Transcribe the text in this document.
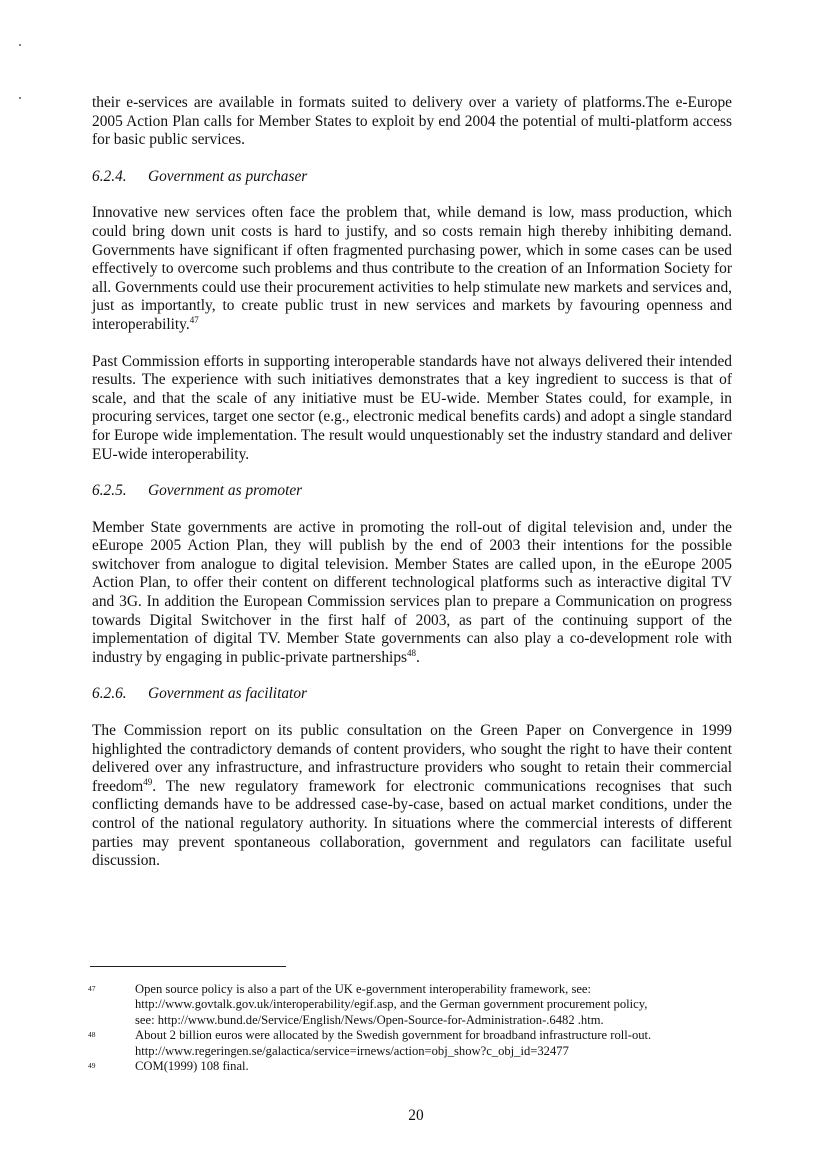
their e-services are available in formats suited to delivery over a variety of platforms.The e-Europe 2005 Action Plan calls for Member States to exploit by end 2004 the potential of multi-platform access for basic public services.

6.2.4. Government as purchaser

Innovative new services often face the problem that, while demand is low, mass production, which could bring down unit costs is hard to justify, and so costs remain high thereby inhibiting demand. Governments have significant if often fragmented purchasing power, which in some cases can be used effectively to overcome such problems and thus contribute to the creation of an Information Society for all. Governments could use their procurement activities to help stimulate new markets and services and, just as importantly, to create public trust in new services and markets by favouring openness and interoperability.$^{47}$

Past Commission efforts in supporting interoperable standards have not always delivered their intended results. The experience with such initiatives demonstrates that a key ingredient to success is that of scale, and that the scale of any initiative must be EU-wide. Member States could, for example, in procuring services, target one sector (e.g., electronic medical benefits cards) and adopt a single standard for Europe wide implementation. The result would unquestionably set the industry standard and deliver EU-wide interoperability.

6.2.5. Government as promoter

Member State governments are active in promoting the roll-out of digital television and, under the eEurope 2005 Action Plan, they will publish by the end of 2003 their intentions for the possible switchover from analogue to digital television. Member States are called upon, in the eEurope 2005 Action Plan, to offer their content on different technological platforms such as interactive digital TV and 3G. In addition the European Commission services plan to prepare a Communication on progress towards Digital Switchover in the first half of 2003, as part of the continuing support of the implementation of digital TV. Member State governments can also play a co-development role with industry by engaging in public-private partnerships$^{48}$.

6.2.6. Government as facilitator

The Commission report on its public consultation on the Green Paper on Convergence in 1999 highlighted the contradictory demands of content providers, who sought the right to have their content delivered over any infrastructure, and infrastructure providers who sought to retain their commercial freedom$^{49}$. The new regulatory framework for electronic communications recognises that such conflicting demands have to be addressed case-by-case, based on actual market conditions, under the control of the national regulatory authority. In situations where the commercial interests of different parties may prevent spontaneous collaboration, government and regulators can facilitate useful discussion.

47	Open source policy is also a part of the UK e-government interoperability framework, see:
http://www.govtalk.gov.uk/interoperability/egif.asp, and the German government procurement policy,
see: http://www.bund.de/Service/English/News/Open-Source-for-Administration-.6482 .htm.
48	About 2 billion euros were allocated by the Swedish government for broadband infrastructure roll-out.
http://www.regeringen.se/galactica/service=irnews/action=obj_show?c_obj_id=32477
49	COM(1999) 108 final.
20
